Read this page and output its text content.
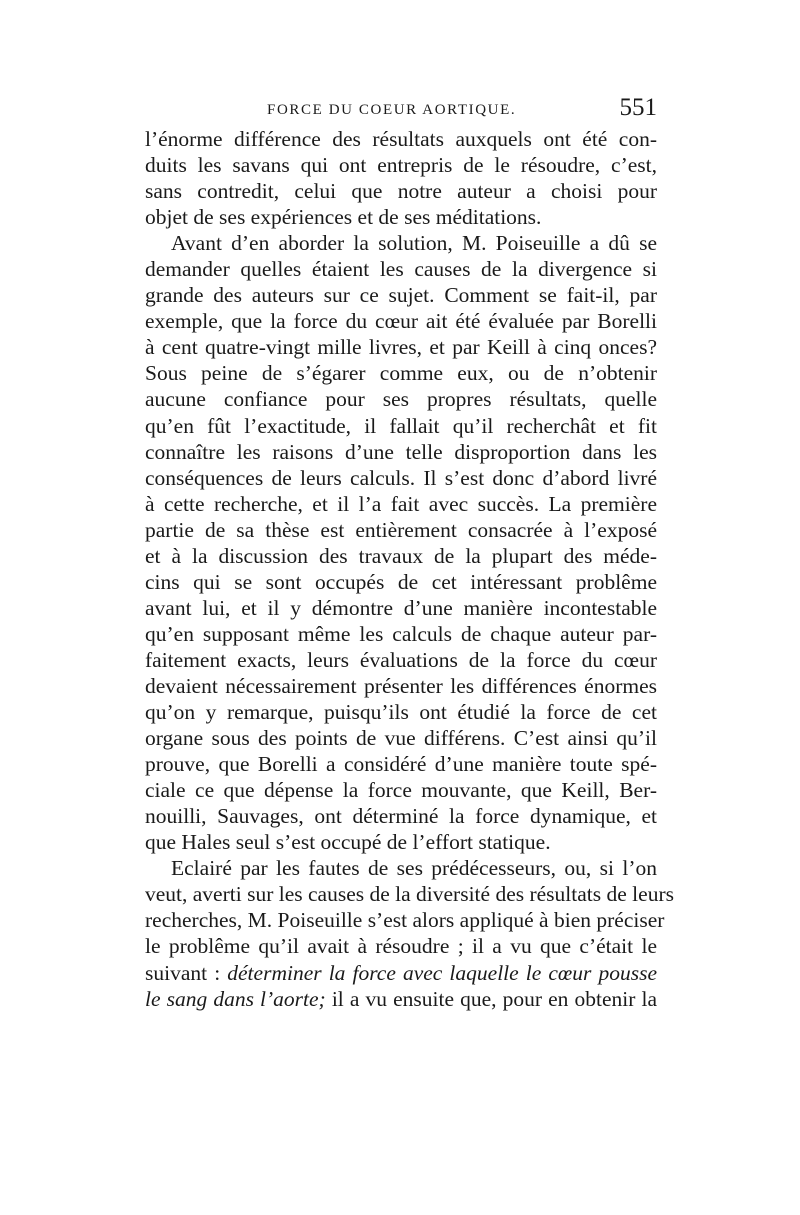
FORCE DU COEUR AORTIQUE.	551
l’énorme différence des résultats auxquels ont été con-
duits les savans qui ont entrepris de le résoudre, c’est,
sans contredit, celui que notre auteur a choisi pour
objet de ses expériences et de ses méditations.
Avant d’en aborder la solution, M. Poiseuille a dû se
demander quelles étaient les causes de la divergence si
grande des auteurs sur ce sujet. Comment se fait-il, par
exemple, que la force du cœur ait été évaluée par Borelli
à cent quatre-vingt mille livres, et par Keill à cinq onces?
Sous peine de s’égarer comme eux, ou de n’obtenir
aucune confiance pour ses propres résultats, quelle
qu’en fût l’exactitude, il fallait qu’il recherchât et fit
connaître les raisons d’une telle disproportion dans les
conséquences de leurs calculs. Il s’est donc d’abord livré
à cette recherche, et il l’a fait avec succès. La première
partie de sa thèse est entièrement consacrée à l’exposé
et à la discussion des travaux de la plupart des méde-
cins qui se sont occupés de cet intéressant problême
avant lui, et il y démontre d’une manière incontestable
qu’en supposant même les calculs de chaque auteur par-
faitement exacts, leurs évaluations de la force du cœur
devaient nécessairement présenter les différences énormes
qu’on y remarque, puisqu’ils ont étudié la force de cet
organe sous des points de vue différens. C’est ainsi qu’il
prouve, que Borelli a considéré d’une manière toute spé-
ciale ce que dépense la force mouvante, que Keill, Ber-
nouilli, Sauvages, ont déterminé la force dynamique, et
que Hales seul s’est occupé de l’effort statique.
Eclairé par les fautes de ses prédécesseurs, ou, si l’on
veut, averti sur les causes de la diversité des résultats de leurs
recherches, M. Poiseuille s’est alors appliqué à bien préciser
le problême qu’il avait à résoudre ; il a vu que c’était le
suivant : déterminer la force avec laquelle le cœur pousse
le sang dans l’aorte; il a vu ensuite que, pour en obtenir la
